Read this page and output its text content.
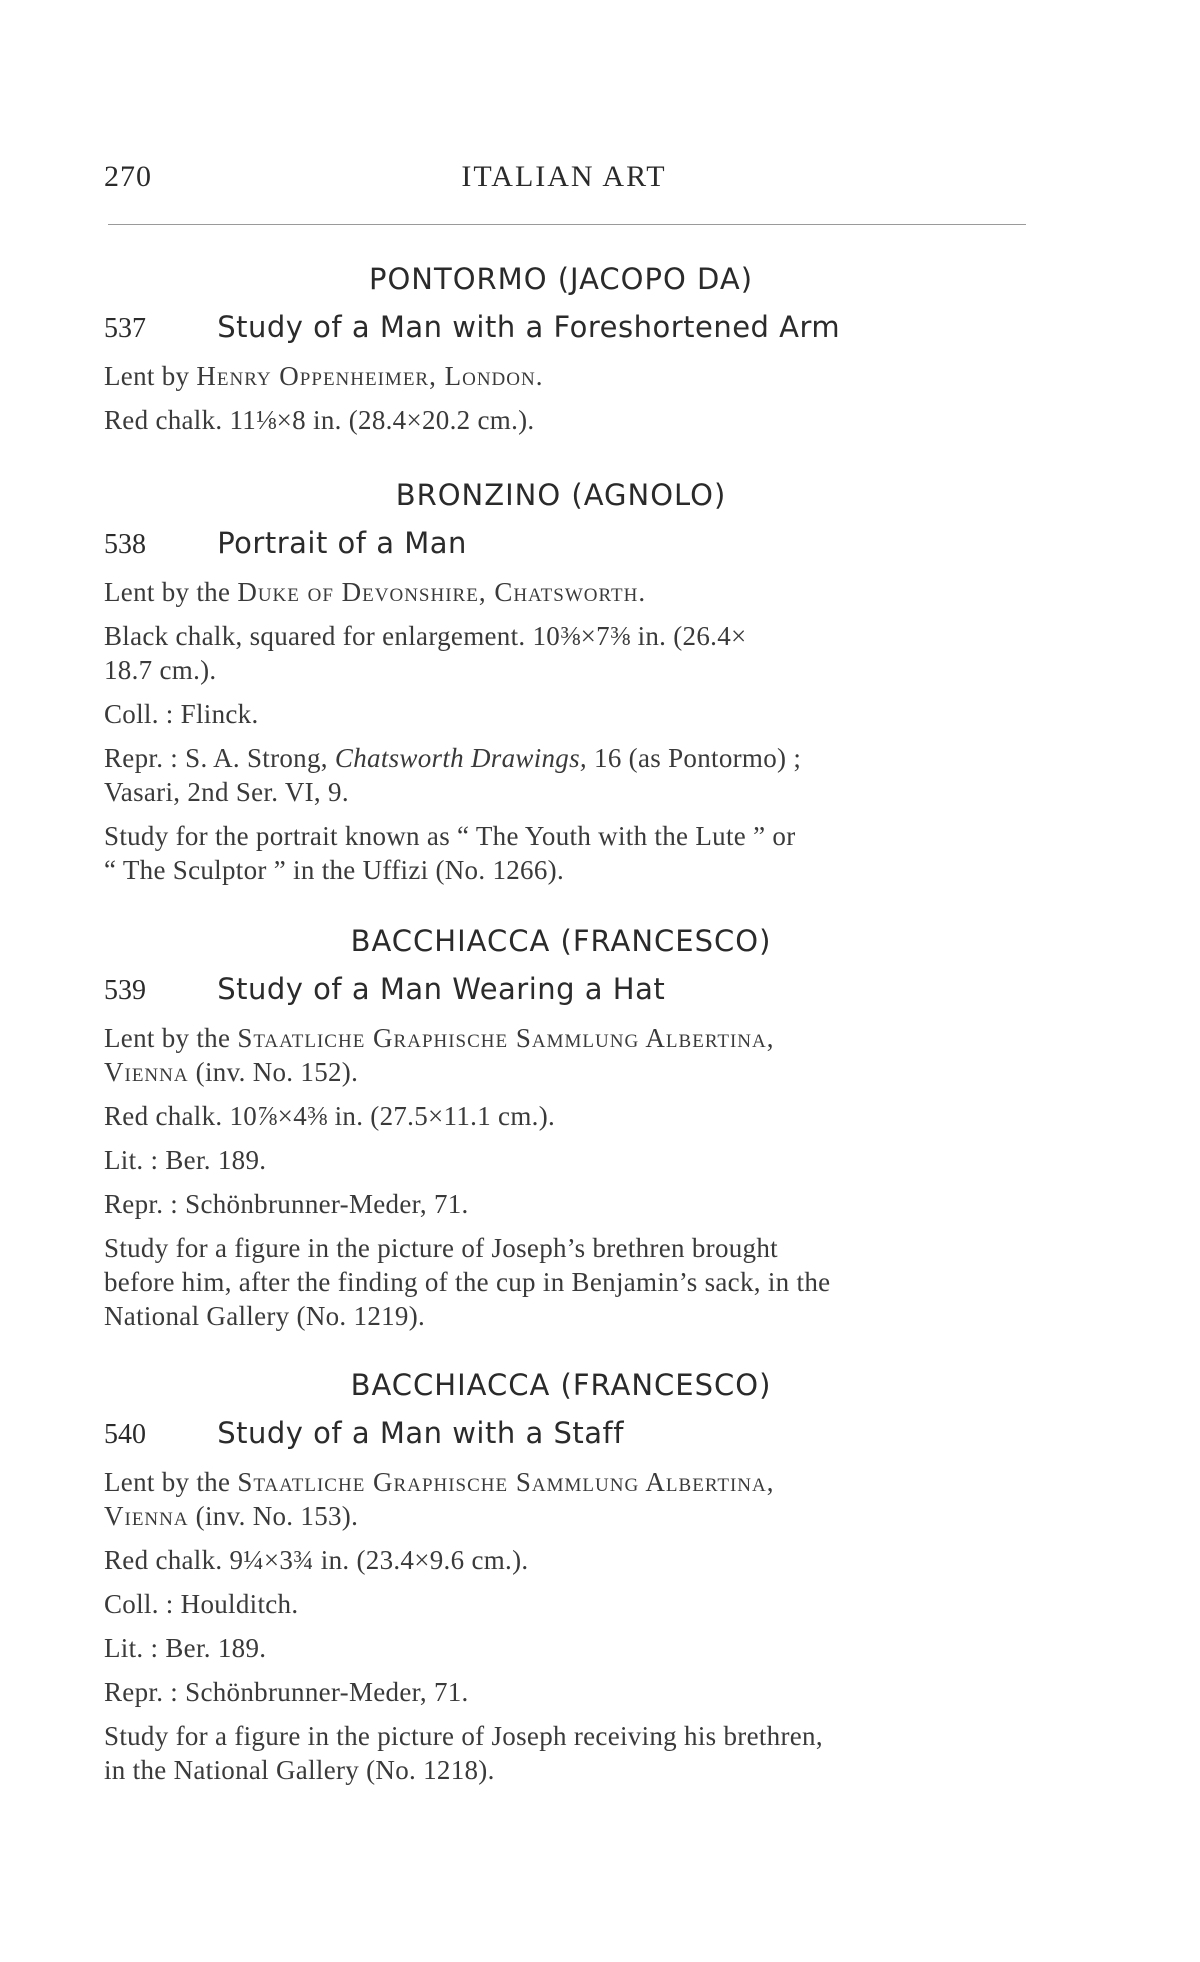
270	ITALIAN ART
PONTORMO (JACOPO DA)
537 Study of a Man with a Foreshortened Arm
Lent by Henry Oppenheimer, London.
Red chalk. 11⅛×8 in. (28.4×20.2 cm.).
BRONZINO (AGNOLO)
538 Portrait of a Man
Lent by the Duke of Devonshire, Chatsworth.
Black chalk, squared for enlargement. 10⅜×7⅜ in. (26.4×
18.7 cm.).
Coll. : Flinck.
Repr. : S. A. Strong, Chatsworth Drawings, 16 (as Pontormo) ;
Vasari, 2nd Ser. VI, 9.
Study for the portrait known as “ The Youth with the Lute ” or
“ The Sculptor ” in the Uffizi (No. 1266).
BACCHIACCA (FRANCESCO)
539 Study of a Man Wearing a Hat
Lent by the Staatliche Graphische Sammlung Albertina,
Vienna (inv. No. 152).
Red chalk. 10⅞×4⅜ in. (27.5×11.1 cm.).
Lit. : Ber. 189.
Repr. : Schönbrunner-Meder, 71.
Study for a figure in the picture of Joseph’s brethren brought
before him, after the finding of the cup in Benjamin’s sack, in the
National Gallery (No. 1219).
BACCHIACCA (FRANCESCO)
540 Study of a Man with a Staff
Lent by the Staatliche Graphische Sammlung Albertina,
Vienna (inv. No. 153).
Red chalk. 9¼×3¾ in. (23.4×9.6 cm.).
Coll. : Houlditch.
Lit. : Ber. 189.
Repr. : Schönbrunner-Meder, 71.
Study for a figure in the picture of Joseph receiving his brethren,
in the National Gallery (No. 1218).
